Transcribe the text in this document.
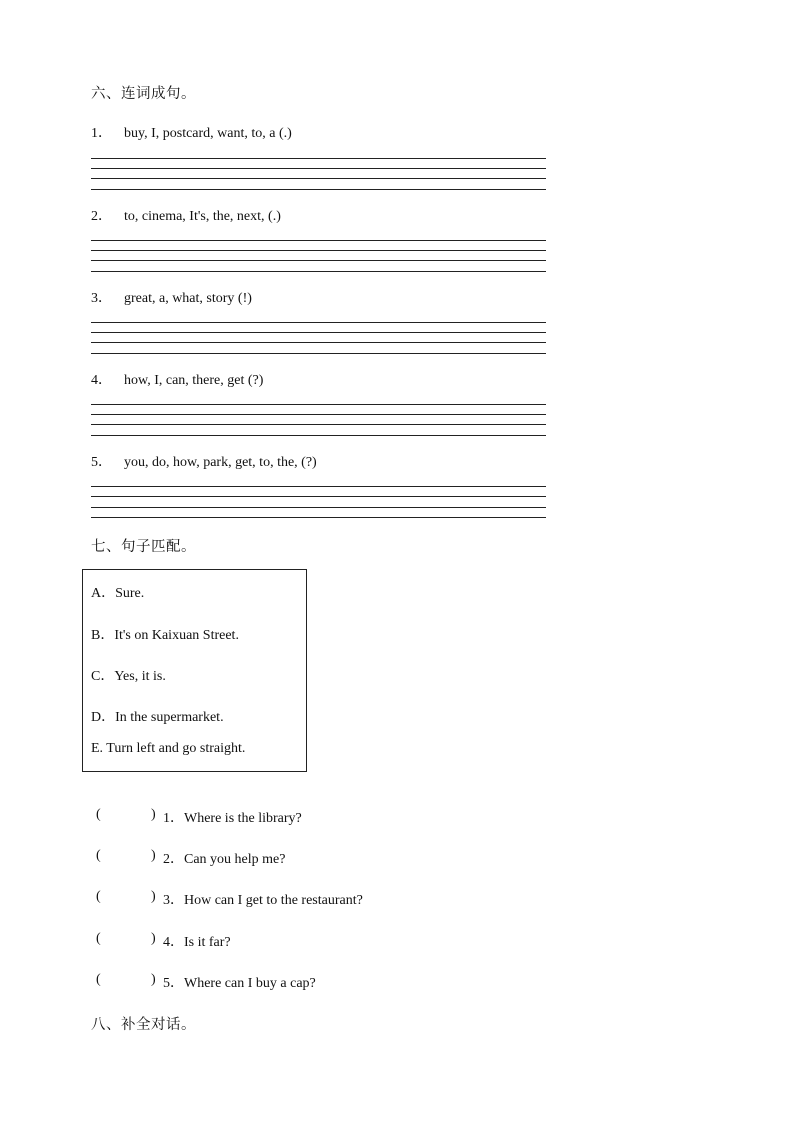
六、连词成句。
1． buy, I, postcard, want, to, a (.)
2． to, cinema, It's, the, next, (.)
3． great, a, what, story (!)
4． how, I, can, there, get (?)
5． you, do, how, park, get, to, the, (?)
七、句子匹配。
A．Sure.
B．It's on Kaixuan Street.
C．Yes, it is.
D．In the supermarket.
E. Turn left and go straight.
(	) 1．Where is the library?
(	) 2．Can you help me?
(	) 3．How can I get to the restaurant?
(	) 4．Is it far?
(	) 5．Where can I buy a cap?
八、补全对话。
